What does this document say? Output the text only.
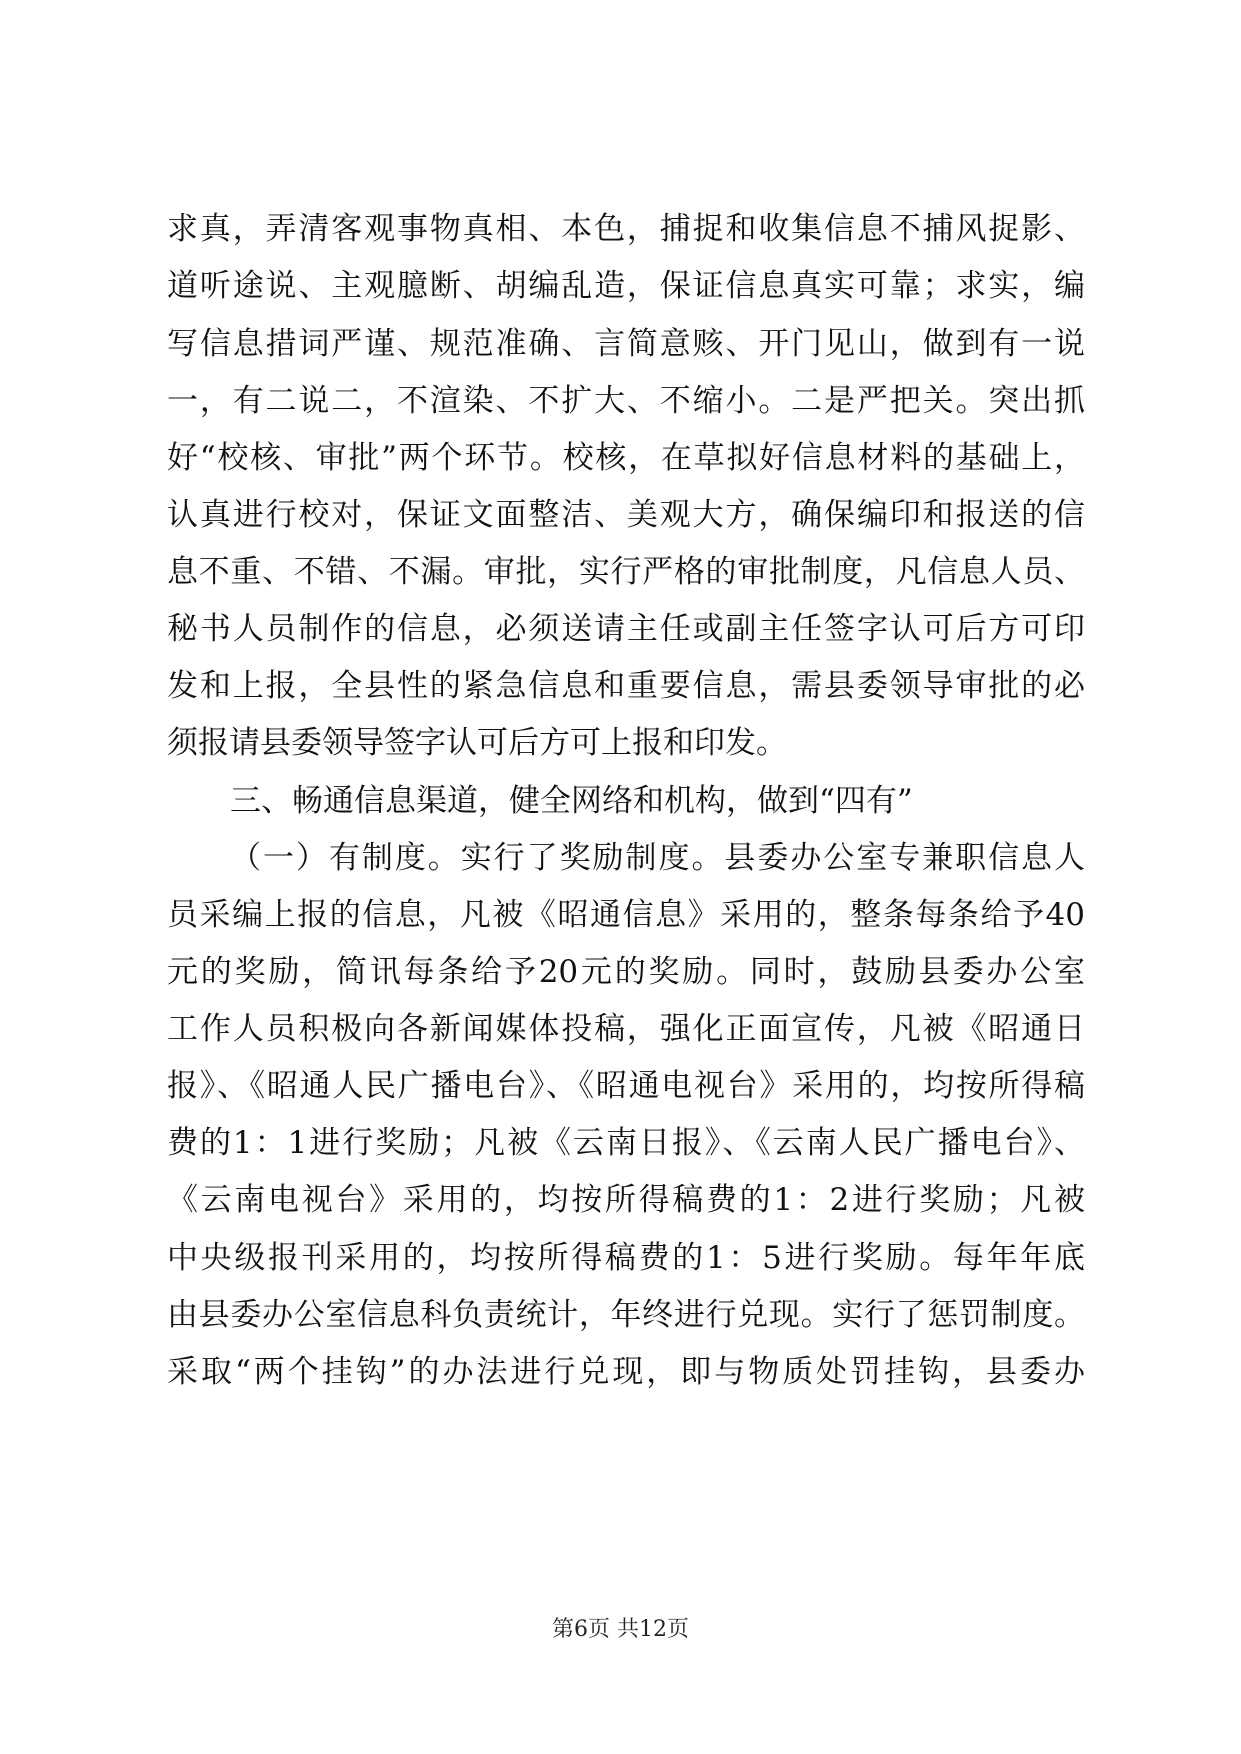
求真，弄清客观事物真相、本色，捕捉和收集信息不捕风捉影、
道听途说、主观臆断、胡编乱造，保证信息真实可靠；求实，编
写信息措词严谨、规范准确、言简意赅、开门见山，做到有一说
一，有二说二，不渲染、不扩大、不缩小。二是严把关。突出抓
好“校核、审批”两个环节。校核，在草拟好信息材料的基础上，
认真进行校对，保证文面整洁、美观大方，确保编印和报送的信
息不重、不错、不漏。审批，实行严格的审批制度，凡信息人员、
秘书人员制作的信息，必须送请主任或副主任签字认可后方可印
发和上报，全县性的紧急信息和重要信息，需县委领导审批的必
须报请县委领导签字认可后方可上报和印发。
三、畅通信息渠道，健全网络和机构，做到“四有”
（一）有制度。实行了奖励制度。县委办公室专兼职信息人
员采编上报的信息，凡被《昭通信息》采用的，整条每条给予40
元的奖励，简讯每条给予20元的奖励。同时，鼓励县委办公室
工作人员积极向各新闻媒体投稿，强化正面宣传，凡被《昭通日
报》、《昭通人民广播电台》、《昭通电视台》采用的，均按所得稿
费的1：1进行奖励；凡被《云南日报》、《云南人民广播电台》、
《云南电视台》采用的，均按所得稿费的1：2进行奖励；凡被
中央级报刊采用的，均按所得稿费的1：5进行奖励。每年年底
由县委办公室信息科负责统计，年终进行兑现。实行了惩罚制度。
采取“两个挂钩”的办法进行兑现，即与物质处罚挂钩，县委办
第6页 共12页
